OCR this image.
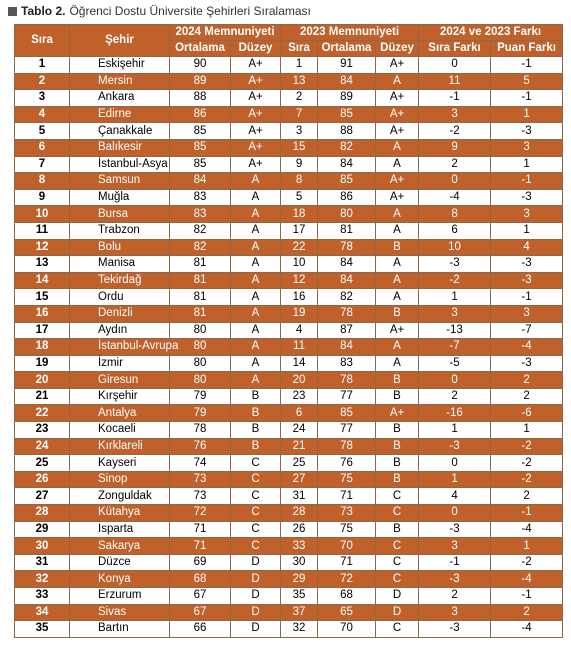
Tablo 2. Öğrenci Dostu Üniversite Şehirleri Sıralaması
Sıra	Şehir	2024 Memnuniyeti		2023 Memnuniyeti			2024 ve 2023 Farkı	
		Ortalama	Düzey	Sıra	Ortalama	Düzey	Sıra Farkı	Puan Farkı
1	Eskişehir	90	A+	1	91	A+	0	-1
2	Mersin	89	A+	13	84	A	11	5
3	Ankara	88	A+	2	89	A+	-1	-1
4	Edirne	86	A+	7	85	A+	3	1
5	Çanakkale	85	A+	3	88	A+	-2	-3
6	Balıkesir	85	A+	15	82	A	9	3
7	İstanbul-Asya	85	A+	9	84	A	2	1
8	Samsun	84	A	8	85	A+	0	-1
9	Muğla	83	A	5	86	A+	-4	-3
10	Bursa	83	A	18	80	A	8	3
11	Trabzon	82	A	17	81	A	6	1
12	Bolu	82	A	22	78	B	10	4
13	Manisa	81	A	10	84	A	-3	-3
14	Tekirdağ	81	A	12	84	A	-2	-3
15	Ordu	81	A	16	82	A	1	-1
16	Denizli	81	A	19	78	B	3	3
17	Aydın	80	A	4	87	A+	-13	-7
18	İstanbul-Avrupa	80	A	11	84	A	-7	-4
19	İzmir	80	A	14	83	A	-5	-3
20	Giresun	80	A	20	78	B	0	2
21	Kırşehir	79	B	23	77	B	2	2
22	Antalya	79	B	6	85	A+	-16	-6
23	Kocaeli	78	B	24	77	B	1	1
24	Kırklareli	76	B	21	78	B	-3	-2
25	Kayseri	74	C	25	76	B	0	-2
26	Sinop	73	C	27	75	B	1	-2
27	Zonguldak	73	C	31	71	C	4	2
28	Kütahya	72	C	28	73	C	0	-1
29	Isparta	71	C	26	75	B	-3	-4
30	Sakarya	71	C	33	70	C	3	1
31	Düzce	69	D	30	71	C	-1	-2
32	Konya	68	D	29	72	C	-3	-4
33	Erzurum	67	D	35	68	D	2	-1
34	Sivas	67	D	37	65	D	3	2
35	Bartın	66	D	32	70	C	-3	-4
